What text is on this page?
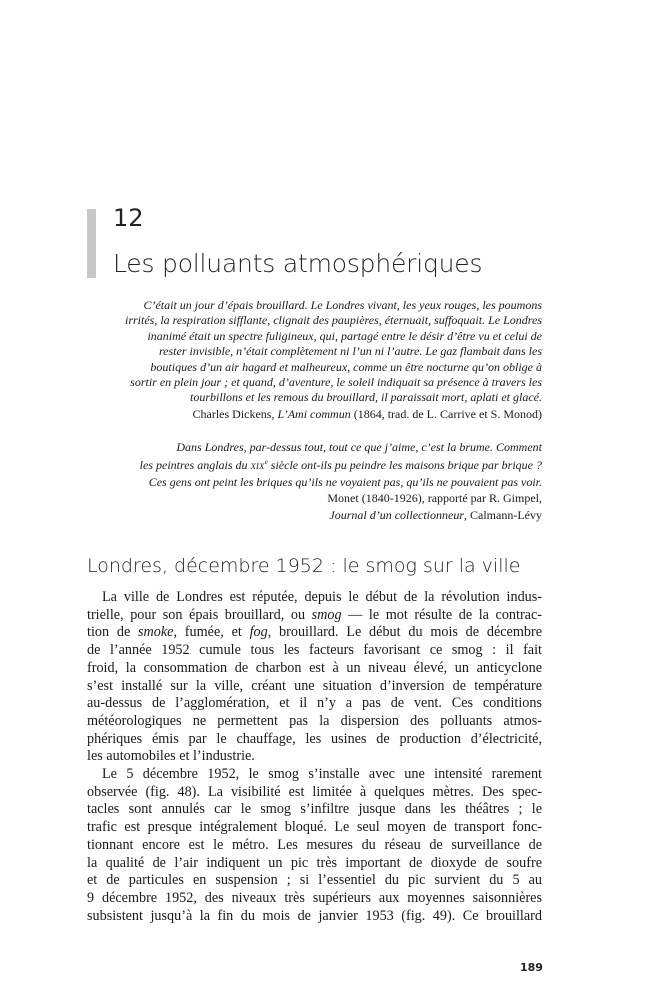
12
Les polluants atmosphériques
C’était un jour d’épais brouillard. Le Londres vivant, les yeux rouges, les poumons
irrités, la respiration sifflante, clignait des paupières, éternuait, suffoquait. Le Londres
inanimé était un spectre fuligineux, qui, partagé entre le désir d’être vu et celui de
rester invisible, n’était complètement ni l’un ni l’autre. Le gaz flambait dans les
boutiques d’un air hagard et malheureux, comme un être nocturne qu’on oblige à
sortir en plein jour ; et quand, d’aventure, le soleil indiquait sa présence à travers les
tourbillons et les remous du brouillard, il paraissait mort, aplati et glacé.
Charles Dickens, L’Ami commun (1864, trad. de L. Carrive et S. Monod)
Dans Londres, par-dessus tout, tout ce que j’aime, c’est la brume. Comment
les peintres anglais du XIXe siècle ont-ils pu peindre les maisons brique par brique ?
Ces gens ont peint les briques qu’ils ne voyaient pas, qu’ils ne pouvaient pas voir.
Monet (1840-1926), rapporté par R. Gimpel,
Journal d’un collectionneur, Calmann-Lévy
Londres, décembre 1952 : le smog sur la ville
La ville de Londres est réputée, depuis le début de la révolution indus-
trielle, pour son épais brouillard, ou smog — le mot résulte de la contrac-
tion de smoke, fumée, et fog, brouillard. Le début du mois de décembre
de l’année 1952 cumule tous les facteurs favorisant ce smog : il fait
froid, la consommation de charbon est à un niveau élevé, un anticyclone
s’est installé sur la ville, créant une situation d’inversion de température
au-dessus de l’agglomération, et il n’y a pas de vent. Ces conditions
météorologiques ne permettent pas la dispersion des polluants atmos-
phériques émis par le chauffage, les usines de production d’électricité,
les automobiles et l’industrie.
Le 5 décembre 1952, le smog s’installe avec une intensité rarement
observée (fig. 48). La visibilité est limitée à quelques mètres. Des spec-
tacles sont annulés car le smog s’infiltre jusque dans les théâtres ; le
trafic est presque intégralement bloqué. Le seul moyen de transport fonc-
tionnant encore est le métro. Les mesures du réseau de surveillance de
la qualité de l’air indiquent un pic très important de dioxyde de soufre
et de particules en suspension ; si l’essentiel du pic survient du 5 au
9 décembre 1952, des niveaux très supérieurs aux moyennes saisonnières
subsistent jusqu’à la fin du mois de janvier 1953 (fig. 49). Ce brouillard
189
